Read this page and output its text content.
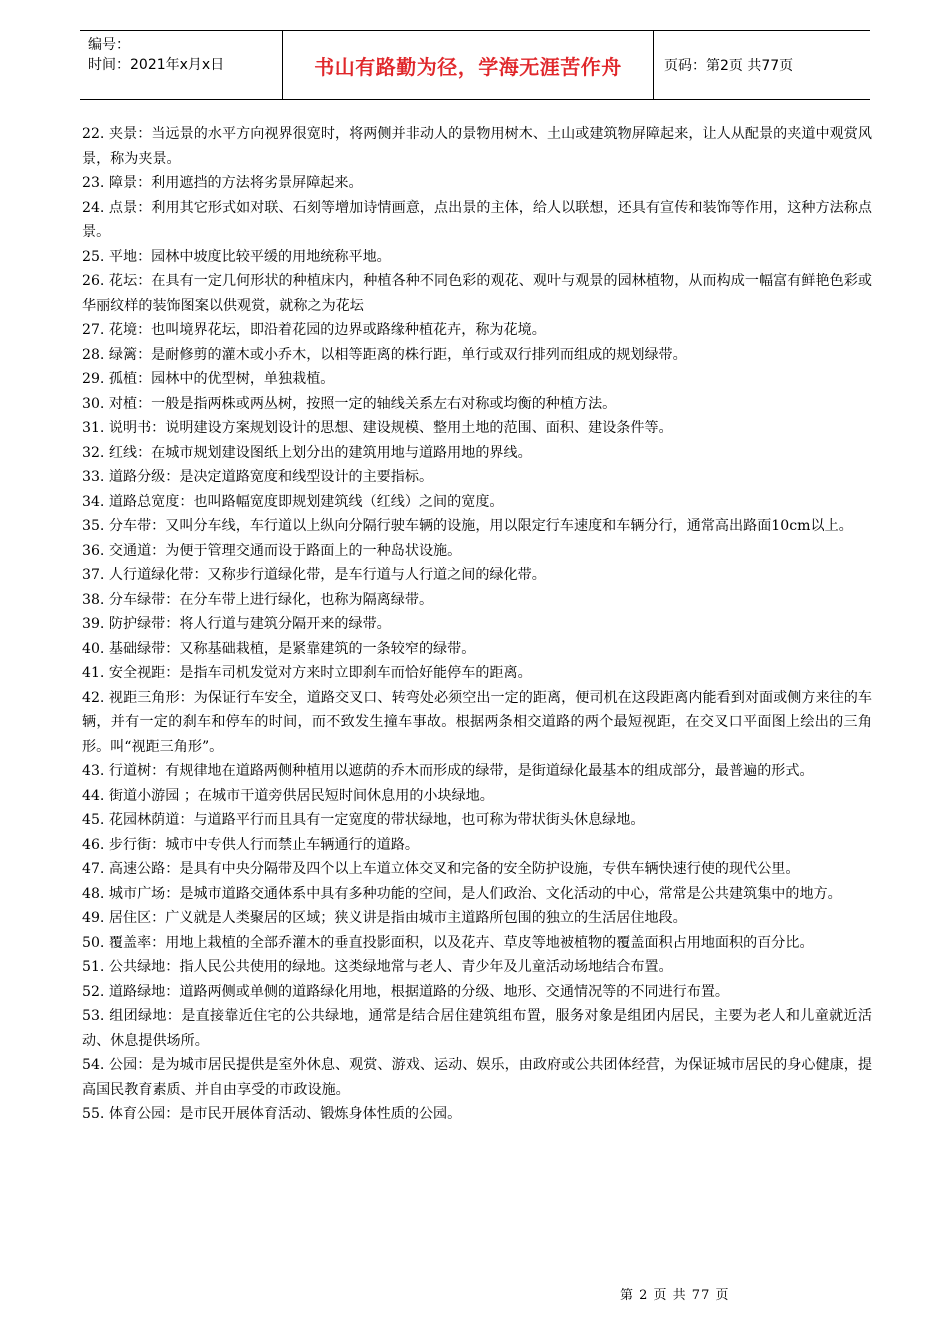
编号：
时间：2021年x月x日	书山有路勤为径，学海无涯苦作舟	页码：第2页 共77页
22. 夹景：当远景的水平方向视界很宽时，将两侧并非动人的景物用树木、土山或建筑物屏障起来，让人从配景的夹道中观赏风景，称为夹景。
23. 障景：利用遮挡的方法将劣景屏障起来。
24. 点景：利用其它形式如对联、石刻等增加诗情画意，点出景的主体，给人以联想，还具有宣传和装饰等作用，这种方法称点景。
25. 平地：园林中坡度比较平缓的用地统称平地。
26. 花坛：在具有一定几何形状的种植床内，种植各种不同色彩的观花、观叶与观景的园林植物，从而构成一幅富有鲜艳色彩或华丽纹样的装饰图案以供观赏，就称之为花坛
27. 花境：也叫境界花坛，即沿着花园的边界或路缘种植花卉，称为花境。
28. 绿篱：是耐修剪的灌木或小乔木，以相等距离的株行距，单行或双行排列而组成的规划绿带。
29. 孤植：园林中的优型树，单独栽植。
30. 对植：一般是指两株或两丛树，按照一定的轴线关系左右对称或均衡的种植方法。
31. 说明书：说明建设方案规划设计的思想、建设规模、整用土地的范围、面积、建设条件等。
32. 红线：在城市规划建设图纸上划分出的建筑用地与道路用地的界线。
33. 道路分级：是决定道路宽度和线型设计的主要指标。
34. 道路总宽度：也叫路幅宽度即规划建筑线（红线）之间的宽度。
35. 分车带：又叫分车线，车行道以上纵向分隔行驶车辆的设施，用以限定行车速度和车辆分行，通常高出路面10cm以上。
36. 交通道：为便于管理交通而设于路面上的一种岛状设施。
37. 人行道绿化带：又称步行道绿化带，是车行道与人行道之间的绿化带。
38. 分车绿带：在分车带上进行绿化，也称为隔离绿带。
39. 防护绿带：将人行道与建筑分隔开来的绿带。
40. 基础绿带：又称基础栽植，是紧靠建筑的一条较窄的绿带。
41. 安全视距：是指车司机发觉对方来时立即刹车而恰好能停车的距离。
42. 视距三角形：为保证行车安全，道路交叉口、转弯处必须空出一定的距离，便司机在这段距离内能看到对面或侧方来往的车辆，并有一定的刹车和停车的时间，而不致发生撞车事故。根据两条相交道路的两个最短视距，在交叉口平面图上绘出的三角形。叫“视距三角形”。
43. 行道树：有规律地在道路两侧种植用以遮荫的乔木而形成的绿带，是街道绿化最基本的组成部分，最普遍的形式。
44. 街道小游园 ；在城市干道旁供居民短时间休息用的小块绿地。
45. 花园林荫道：与道路平行而且具有一定宽度的带状绿地，也可称为带状街头休息绿地。
46. 步行街：城市中专供人行而禁止车辆通行的道路。
47. 高速公路：是具有中央分隔带及四个以上车道立体交叉和完备的安全防护设施，专供车辆快速行使的现代公里。
48. 城市广场：是城市道路交通体系中具有多种功能的空间，是人们政治、文化活动的中心，常常是公共建筑集中的地方。
49. 居住区：广义就是人类聚居的区域；狭义讲是指由城市主道路所包围的独立的生活居住地段。
50. 覆盖率：用地上栽植的全部乔灌木的垂直投影面积，以及花卉、草皮等地被植物的覆盖面积占用地面积的百分比。
51. 公共绿地：指人民公共使用的绿地。这类绿地常与老人、青少年及儿童活动场地结合布置。
52. 道路绿地：道路两侧或单侧的道路绿化用地，根据道路的分级、地形、交通情况等的不同进行布置。
53. 组团绿地：是直接靠近住宅的公共绿地，通常是结合居住建筑组布置，服务对象是组团内居民，主要为老人和儿童就近活动、休息提供场所。
54. 公园：是为城市居民提供是室外休息、观赏、游戏、运动、娱乐，由政府或公共团体经营，为保证城市居民的身心健康，提高国民教育素质、并自由享受的市政设施。
55. 体育公园：是市民开展体育活动、锻炼身体性质的公园。
第 2 页 共 77 页
